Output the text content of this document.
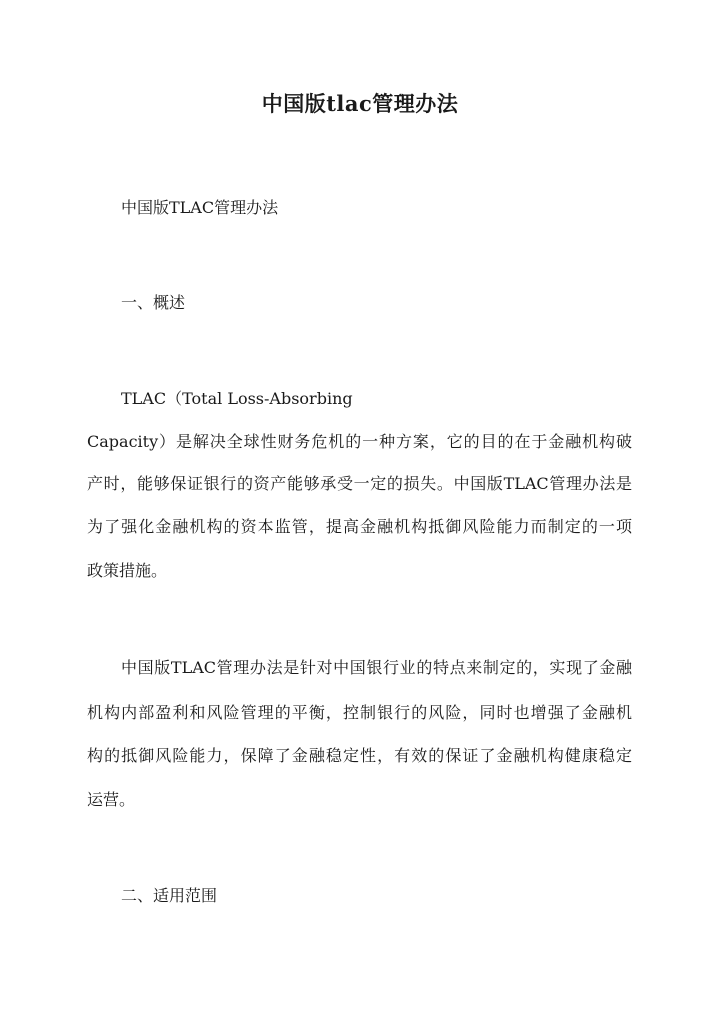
中国版tlac管理办法
中国版TLAC管理办法
一、概述
TLAC（Total Loss-Absorbing
Capacity）是解决全球性财务危机的一种方案，它的目的在于金融机构破
产时，能够保证银行的资产能够承受一定的损失。中国版TLAC管理办法是
为了强化金融机构的资本监管，提高金融机构抵御风险能力而制定的一项
政策措施。
中国版TLAC管理办法是针对中国银行业的特点来制定的，实现了金融
机构内部盈利和风险管理的平衡，控制银行的风险，同时也增强了金融机
构的抵御风险能力，保障了金融稳定性，有效的保证了金融机构健康稳定
运营。
二、适用范围
